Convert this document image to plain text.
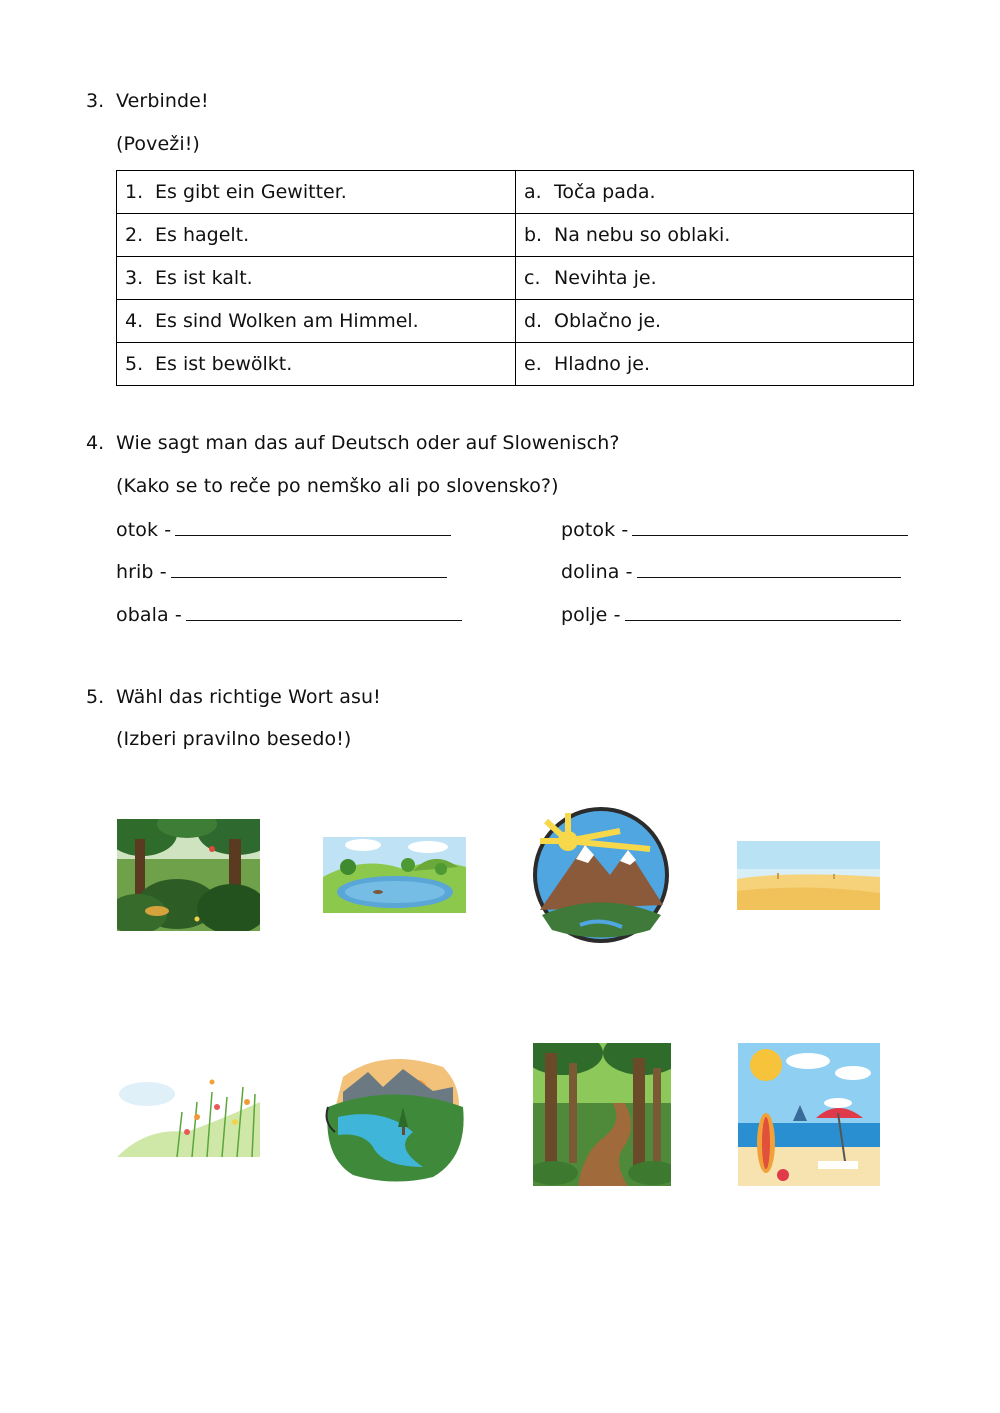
3. Verbinde!
(Poveži!)
1. Es gibt ein Gewitter.	a. Toča pada.
2. Es hagelt.	b. Na nebu so oblaki.
3. Es ist kalt.	c. Nevihta je.
4. Es sind Wolken am Himmel.	d. Oblačno je.
5. Es ist bewölkt.	e. Hladno je.
4. Wie sagt man das auf Deutsch oder auf Slowenisch?
(Kako se to reče po nemško ali po slovensko?)
otok -	potok -
hrib -	dolina -
obala -	polje -
5. Wähl das richtige Wort asu!
(Izberi pravilno besedo!)
